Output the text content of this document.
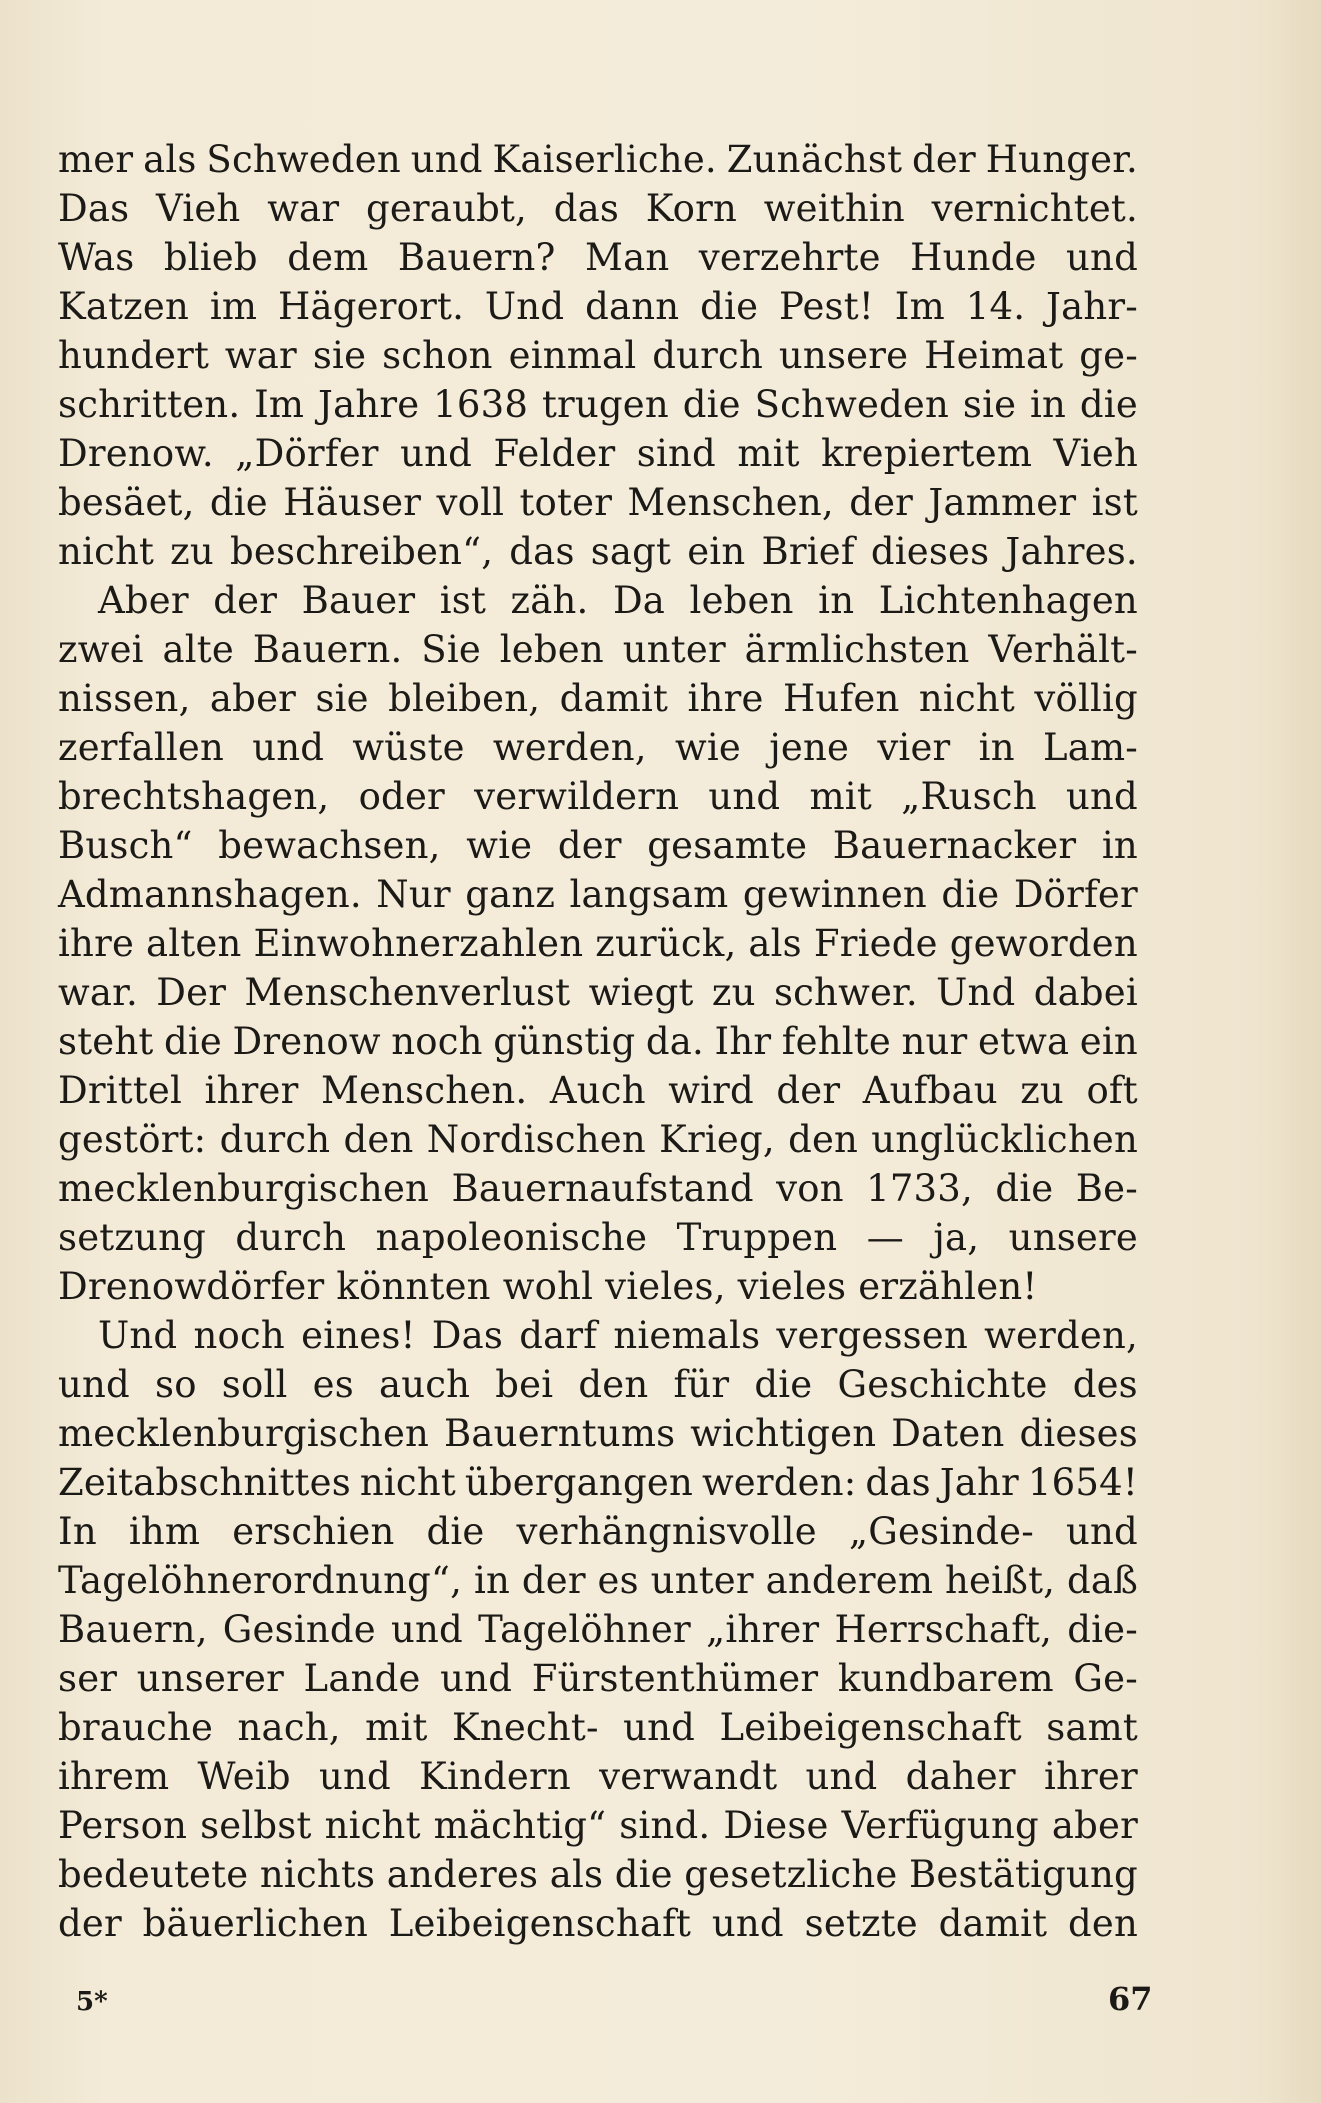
mer als Schweden und Kaiserliche. Zunächst der Hunger.
Das Vieh war geraubt, das Korn weithin vernichtet.
Was blieb dem Bauern? Man verzehrte Hunde und
Katzen im Hägerort. Und dann die Pest! Im 14. Jahr-
hundert war sie schon einmal durch unsere Heimat ge-
schritten. Im Jahre 1638 trugen die Schweden sie in die
Drenow. „Dörfer und Felder sind mit krepiertem Vieh
besäet, die Häuser voll toter Menschen, der Jammer ist
nicht zu beschreiben“, das sagt ein Brief dieses Jahres.
Aber der Bauer ist zäh. Da leben in Lichtenhagen
zwei alte Bauern. Sie leben unter ärmlichsten Verhält-
nissen, aber sie bleiben, damit ihre Hufen nicht völlig
zerfallen und wüste werden, wie jene vier in Lam-
brechtshagen, oder verwildern und mit „Rusch und
Busch“ bewachsen, wie der gesamte Bauernacker in
Admannshagen. Nur ganz langsam gewinnen die Dörfer
ihre alten Einwohnerzahlen zurück, als Friede geworden
war. Der Menschenverlust wiegt zu schwer. Und dabei
steht die Drenow noch günstig da. Ihr fehlte nur etwa ein
Drittel ihrer Menschen. Auch wird der Aufbau zu oft
gestört: durch den Nordischen Krieg, den unglücklichen
mecklenburgischen Bauernaufstand von 1733, die Be-
setzung durch napoleonische Truppen — ja, unsere
Drenowdörfer könnten wohl vieles, vieles erzählen!
Und noch eines! Das darf niemals vergessen werden,
und so soll es auch bei den für die Geschichte des
mecklenburgischen Bauerntums wichtigen Daten dieses
Zeitabschnittes nicht übergangen werden: das Jahr 1654!
In ihm erschien die verhängnisvolle „Gesinde- und
Tagelöhnerordnung“, in der es unter anderem heißt, daß
Bauern, Gesinde und Tagelöhner „ihrer Herrschaft, die-
ser unserer Lande und Fürstenthümer kundbarem Ge-
brauche nach, mit Knecht- und Leibeigenschaft samt
ihrem Weib und Kindern verwandt und daher ihrer
Person selbst nicht mächtig“ sind. Diese Verfügung aber
bedeutete nichts anderes als die gesetzliche Bestätigung
der bäuerlichen Leibeigenschaft und setzte damit den
5*	67
